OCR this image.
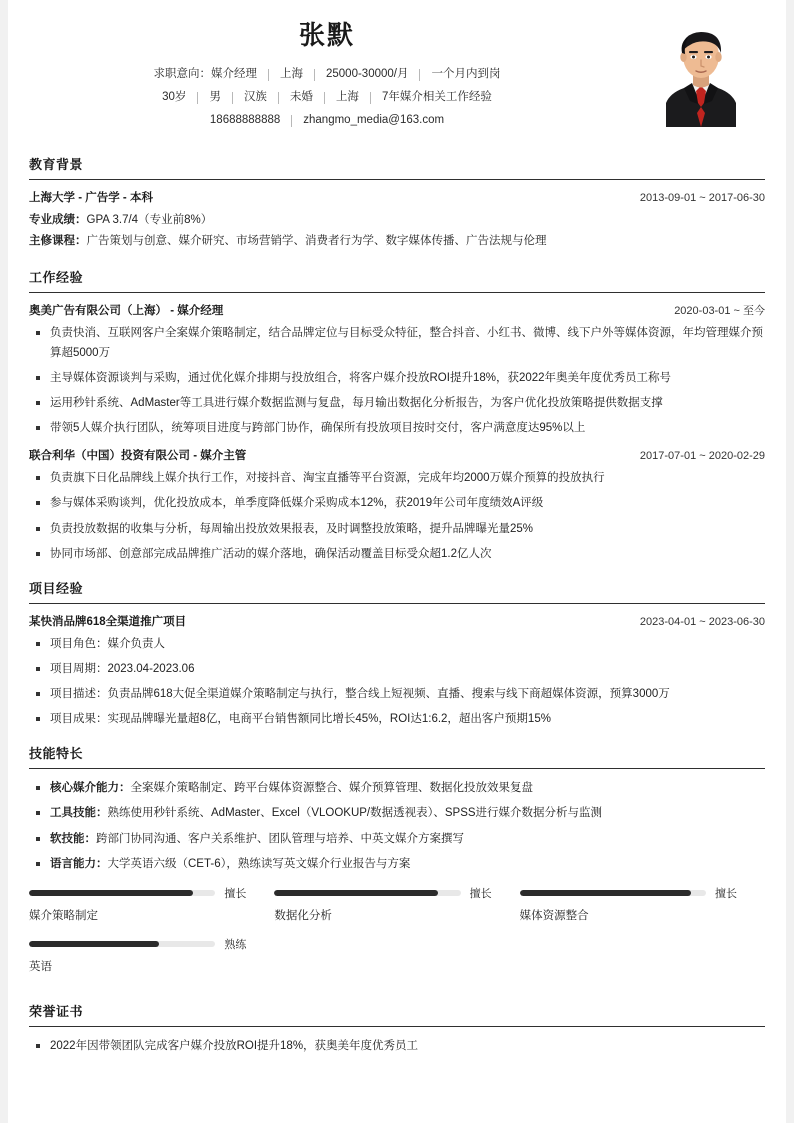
张默
求职意向：媒介经理 上海 25000-30000/月 一个月内到岗
30岁 男 汉族 未婚 上海 7年媒介相关工作经验
18688888888 zhangmo_media@163.com
教育背景
上海大学 - 广告学 - 本科	2013-09-01 ~ 2017-06-30
专业成绩：GPA 3.7/4（专业前8%）
主修课程：广告策划与创意、媒介研究、市场营销学、消费者行为学、数字媒体传播、广告法规与伦理
工作经验
奥美广告有限公司（上海） - 媒介经理	2020-03-01 ~ 至今
负责快消、互联网客户全案媒介策略制定，结合品牌定位与目标受众特征，整合抖音、小红书、微博、线下户外等媒体资源，年均管理媒介预算超5000万
主导媒体资源谈判与采购，通过优化媒介排期与投放组合，将客户媒介投放ROI提升18%，获2022年奥美年度优秀员工称号
运用秒针系统、AdMaster等工具进行媒介数据监测与复盘，每月输出数据化分析报告，为客户优化投放策略提供数据支撑
带领5人媒介执行团队，统筹项目进度与跨部门协作，确保所有投放项目按时交付，客户满意度达95%以上
联合利华（中国）投资有限公司 - 媒介主管	2017-07-01 ~ 2020-02-29
负责旗下日化品牌线上媒介执行工作，对接抖音、淘宝直播等平台资源，完成年均2000万媒介预算的投放执行
参与媒体采购谈判，优化投放成本，单季度降低媒介采购成本12%，获2019年公司年度绩效A评级
负责投放数据的收集与分析，每周输出投放效果报表，及时调整投放策略，提升品牌曝光量25%
协同市场部、创意部完成品牌推广活动的媒介落地，确保活动覆盖目标受众超1.2亿人次
项目经验
某快消品牌618全渠道推广项目	2023-04-01 ~ 2023-06-30
项目角色：媒介负责人
项目周期：2023.04-2023.06
项目描述：负责品牌618大促全渠道媒介策略制定与执行，整合线上短视频、直播、搜索与线下商超媒体资源，预算3000万
项目成果：实现品牌曝光量超8亿，电商平台销售额同比增长45%，ROI达1:6.2，超出客户预期15%
技能特长
核心媒介能力：全案媒介策略制定、跨平台媒体资源整合、媒介预算管理、数据化投放效果复盘
工具技能：熟练使用秒针系统、AdMaster、Excel（VLOOKUP/数据透视表）、SPSS进行媒介数据分析与监测
软技能：跨部门协同沟通、客户关系维护、团队管理与培养、中英文媒介方案撰写
语言能力：大学英语六级（CET-6），熟练读写英文媒介行业报告与方案
擅长
媒介策略制定
擅长
数据化分析
擅长
媒体资源整合
熟练
英语
荣誉证书
2022年因带领团队完成客户媒介投放ROI提升18%，获奥美年度优秀员工
